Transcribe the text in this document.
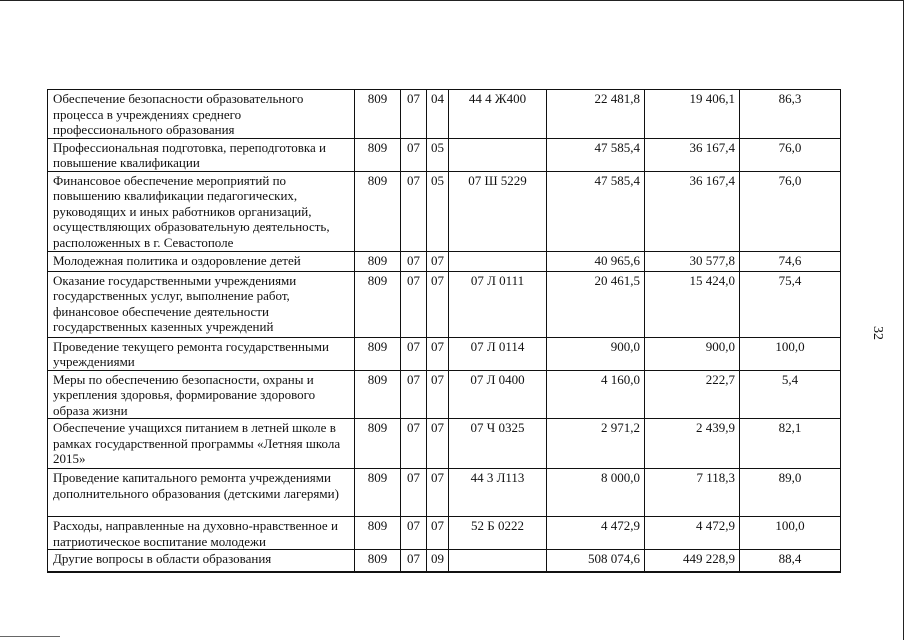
32
Обеспечение безопасности образовательного процесса в учреждениях среднего профессионального образования	809	07	04	44 4 Ж400	22 481,8	19 406,1	86,3
Профессиональная подготовка, переподготовка и повышение квалификации	809	07	05		47 585,4	36 167,4	76,0
Финансовое обеспечение мероприятий по повышению квалификации педагогических, руководящих и иных работников организаций, осуществляющих образовательную деятельность, расположенных в г. Севастополе	809	07	05	07 Ш 5229	47 585,4	36 167,4	76,0
Молодежная политика и оздоровление детей	809	07	07		40 965,6	30 577,8	74,6
Оказание государственными учреждениями государственных услуг, выполнение работ, финансовое обеспечение деятельности государственных казенных учреждений	809	07	07	07 Л 0111	20 461,5	15 424,0	75,4
Проведение текущего ремонта государственными учреждениями	809	07	07	07 Л 0114	900,0	900,0	100,0
Меры по обеспечению безопасности, охраны и укрепления здоровья, формирование здорового образа жизни	809	07	07	07 Л 0400	4 160,0	222,7	5,4
Обеспечение учащихся питанием в летней школе в рамках государственной программы «Летняя школа 2015»	809	07	07	07 Ч 0325	2 971,2	2 439,9	82,1
Проведение капитального ремонта учреждениями дополнительного образования (детскими лагерями)	809	07	07	44 3 Л113	8 000,0	7 118,3	89,0
Расходы, направленные на духовно-нравственное и патриотическое воспитание молодежи	809	07	07	52 Б 0222	4 472,9	4 472,9	100,0
Другие вопросы в области образования	809	07	09		508 074,6	449 228,9	88,4
